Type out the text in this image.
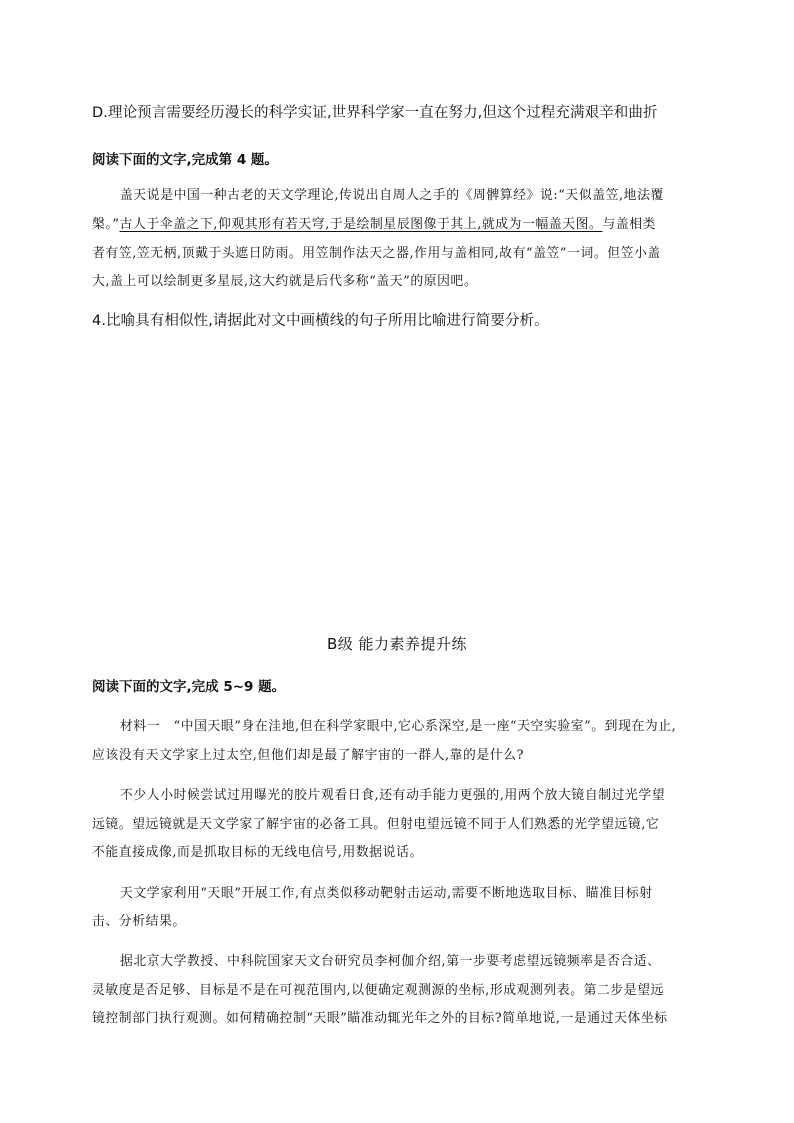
D.理论预言需要经历漫长的科学实证,世界科学家一直在努力,但这个过程充满艰辛和曲折
阅读下面的文字,完成第 4 题。
盖天说是中国一种古老的天文学理论,传说出自周人之手的《周髀算经》说:“天似盖笠,地法覆
槃。”古人于伞盖之下,仰观其形有若天穹,于是绘制星辰图像于其上,就成为一幅盖天图。与盖相类
者有笠,笠无柄,顶戴于头遮日防雨。用笠制作法天之器,作用与盖相同,故有“盖笠”一词。但笠小盖
大,盖上可以绘制更多星辰,这大约就是后代多称“盖天”的原因吧。
4.比喻具有相似性,请据此对文中画横线的句子所用比喻进行简要分析。
B级 能力素养提升练
阅读下面的文字,完成 5~9 题。
材料一　“中国天眼”身在洼地,但在科学家眼中,它心系深空,是一座“天空实验室”。到现在为止,
应该没有天文学家上过太空,但他们却是最了解宇宙的一群人,靠的是什么?
不少人小时候尝试过用曝光的胶片观看日食,还有动手能力更强的,用两个放大镜自制过光学望
远镜。望远镜就是天文学家了解宇宙的必备工具。但射电望远镜不同于人们熟悉的光学望远镜,它
不能直接成像,而是抓取目标的无线电信号,用数据说话。
天文学家利用“天眼”开展工作,有点类似移动靶射击运动,需要不断地选取目标、瞄准目标射
击、分析结果。
据北京大学教授、中科院国家天文台研究员李柯伽介绍,第一步要考虑望远镜频率是否合适、
灵敏度是否足够、目标是不是在可视范围内,以便确定观测源的坐标,形成观测列表。第二步是望远
镜控制部门执行观测。如何精确控制“天眼”瞄准动辄光年之外的目标?简单地说,一是通过天体坐标
